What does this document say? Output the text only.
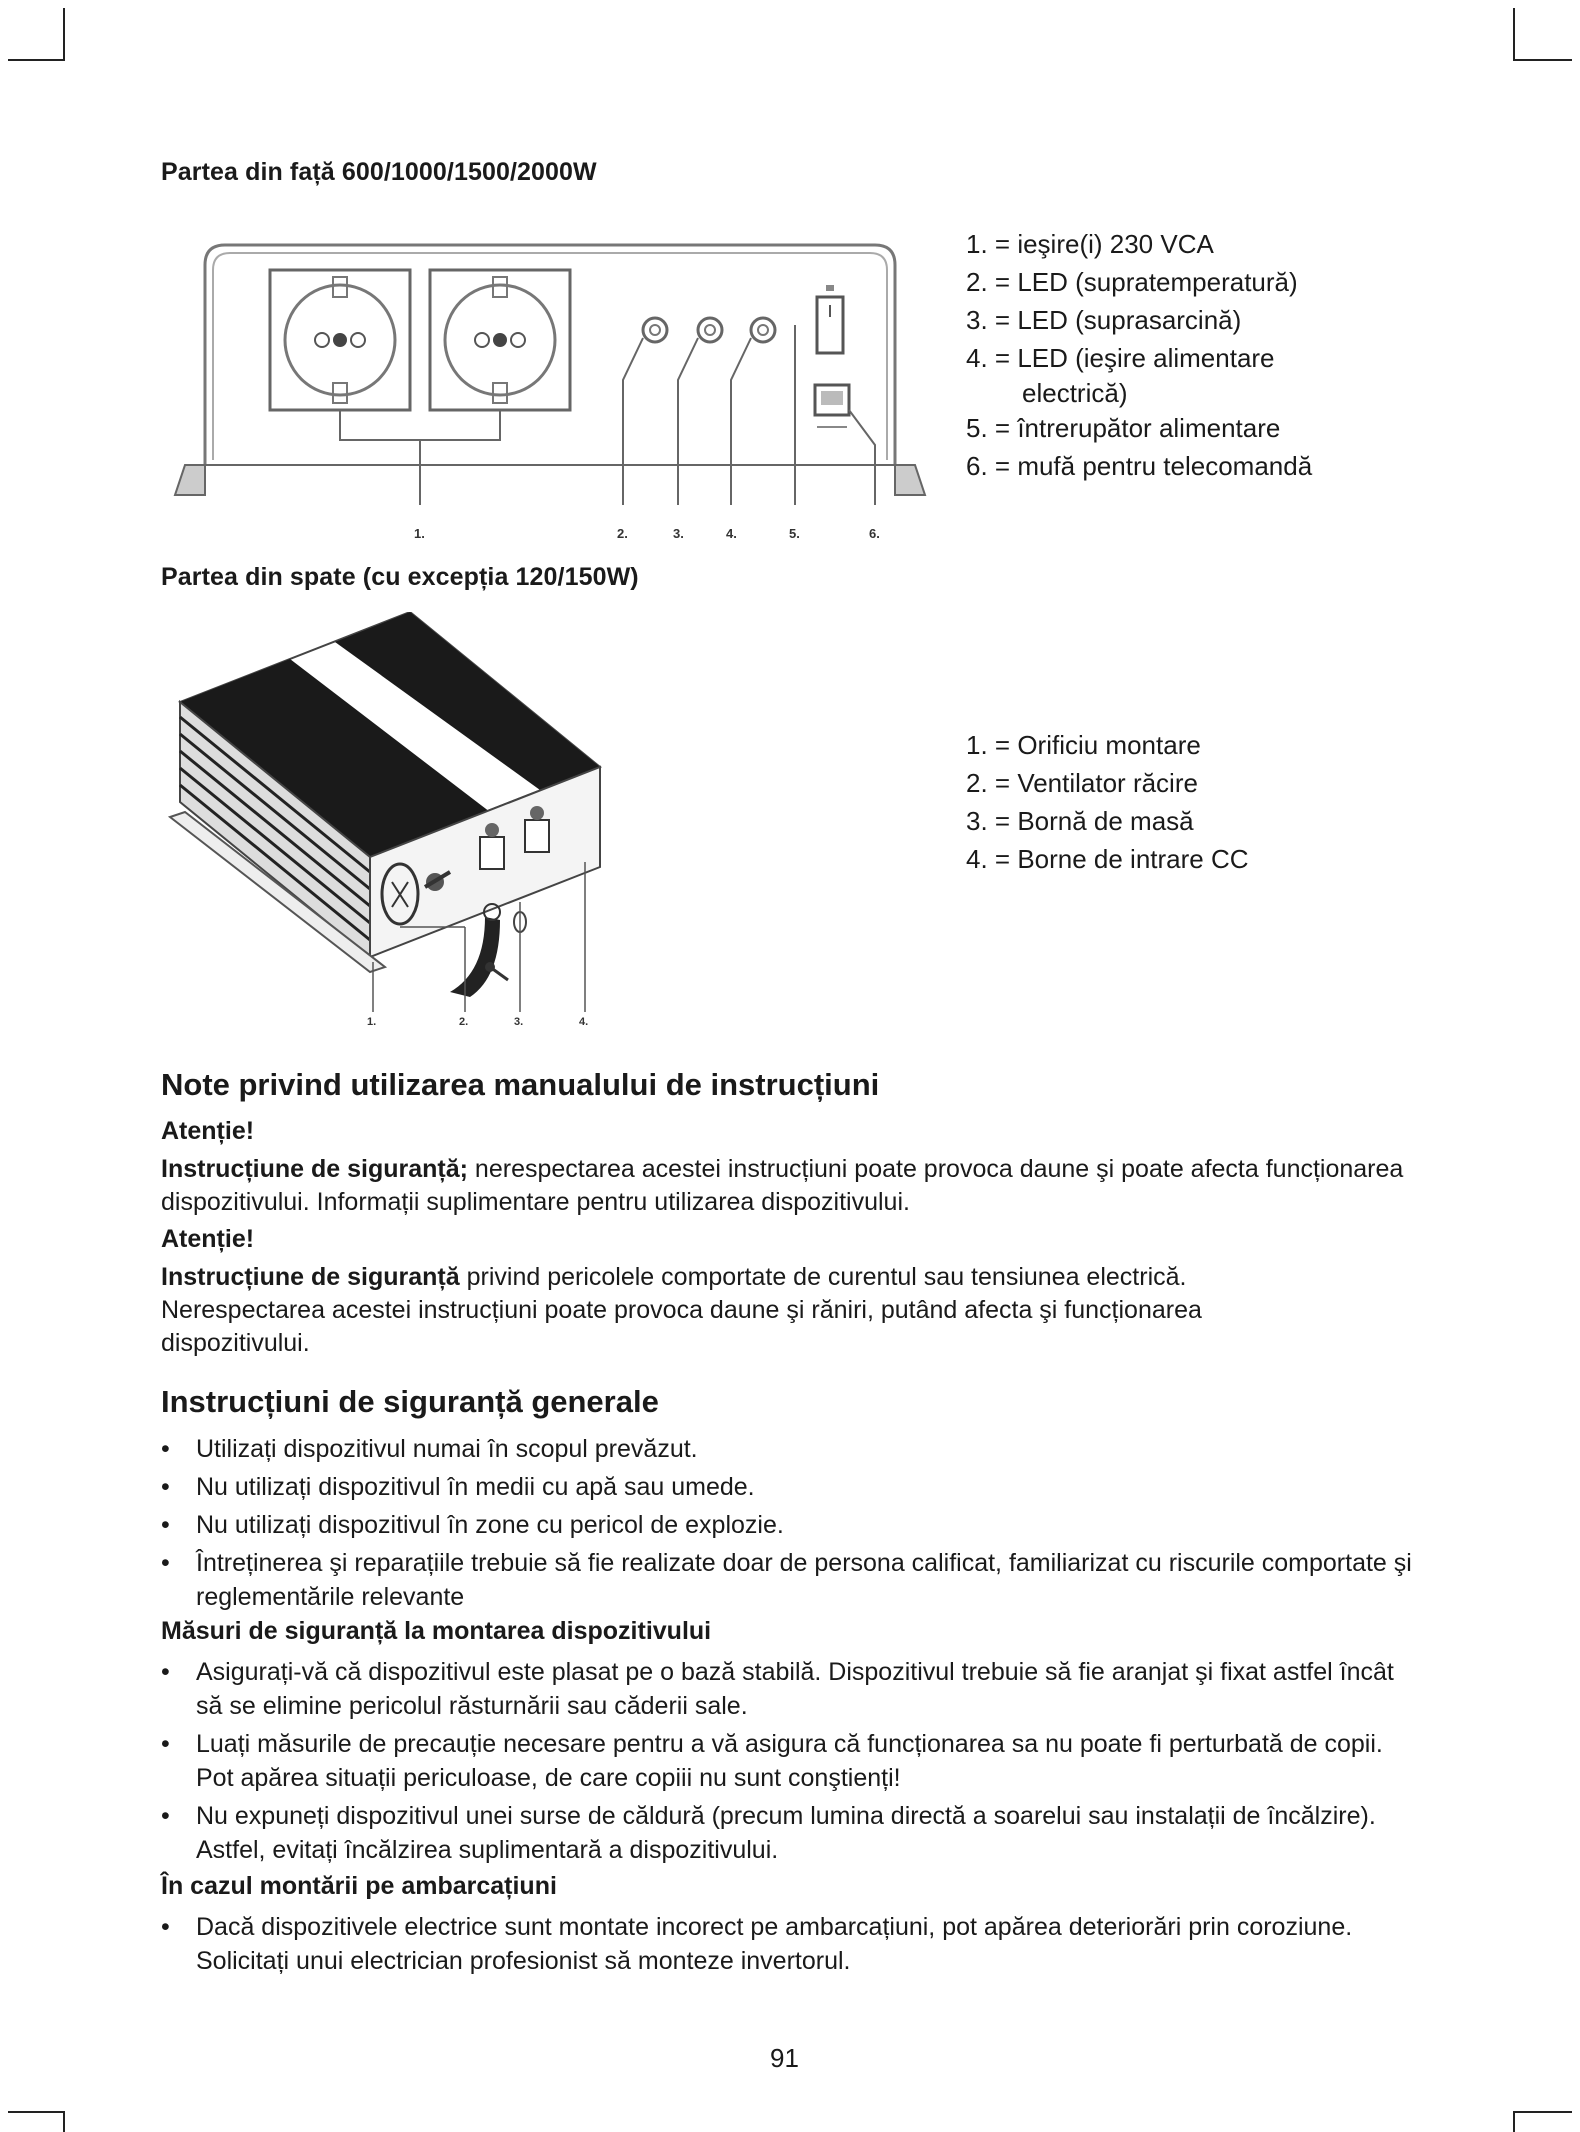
Partea din față 600/1000/1500/2000W
1.	2.	3.	4.	5.	6.
1. = ieşire(i) 230 VCA
2. = LED (supratemperatură)
3. = LED (suprasarcină)
4. = LED (ieşire alimentare
electrică)
5. = întrerupător alimentare
6. = mufă pentru telecomandă
Partea din spate (cu excepția 120/150W)
1.	2.	3.	4.
1. = Orificiu montare
2. = Ventilator răcire
3. = Bornă de masă
4. = Borne de intrare CC
Note privind utilizarea manualului de instrucțiuni
Atenție!
Instrucțiune de siguranță; nerespectarea acestei instrucțiuni poate provoca daune şi poate afecta funcționarea dispozitivului. Informații suplimentare pentru utilizarea dispozitivului.
Atenție!
Instrucțiune de siguranță privind pericolele comportate de curentul sau tensiunea electrică. Nerespectarea acestei instrucțiuni poate provoca daune şi răniri, putând afecta şi funcționarea dispozitivului.
Instrucțiuni de siguranță generale
• Utilizați dispozitivul numai în scopul prevăzut.
• Nu utilizați dispozitivul în medii cu apă sau umede.
• Nu utilizați dispozitivul în zone cu pericol de explozie.
• Întreținerea şi reparațiile trebuie să fie realizate doar de persona calificat, familiarizat cu riscurile comportate şi reglementările relevante
Măsuri de siguranță la montarea dispozitivului
• Asigurați-vă că dispozitivul este plasat pe o bază stabilă. Dispozitivul trebuie să fie aranjat şi fixat astfel încât să se elimine pericolul răsturnării sau căderii sale.
• Luați măsurile de precauție necesare pentru a vă asigura că funcționarea sa nu poate fi perturbată de copii. Pot apărea situații periculoase, de care copiii nu sunt conştienți!
• Nu expuneți dispozitivul unei surse de căldură (precum lumina directă a soarelui sau instalații de încălzire). Astfel, evitați încălzirea suplimentară a dispozitivului.
În cazul montării pe ambarcațiuni
• Dacă dispozitivele electrice sunt montate incorect pe ambarcațiuni, pot apărea deteriorări prin coroziune. Solicitați unui electrician profesionist să monteze invertorul.
91
